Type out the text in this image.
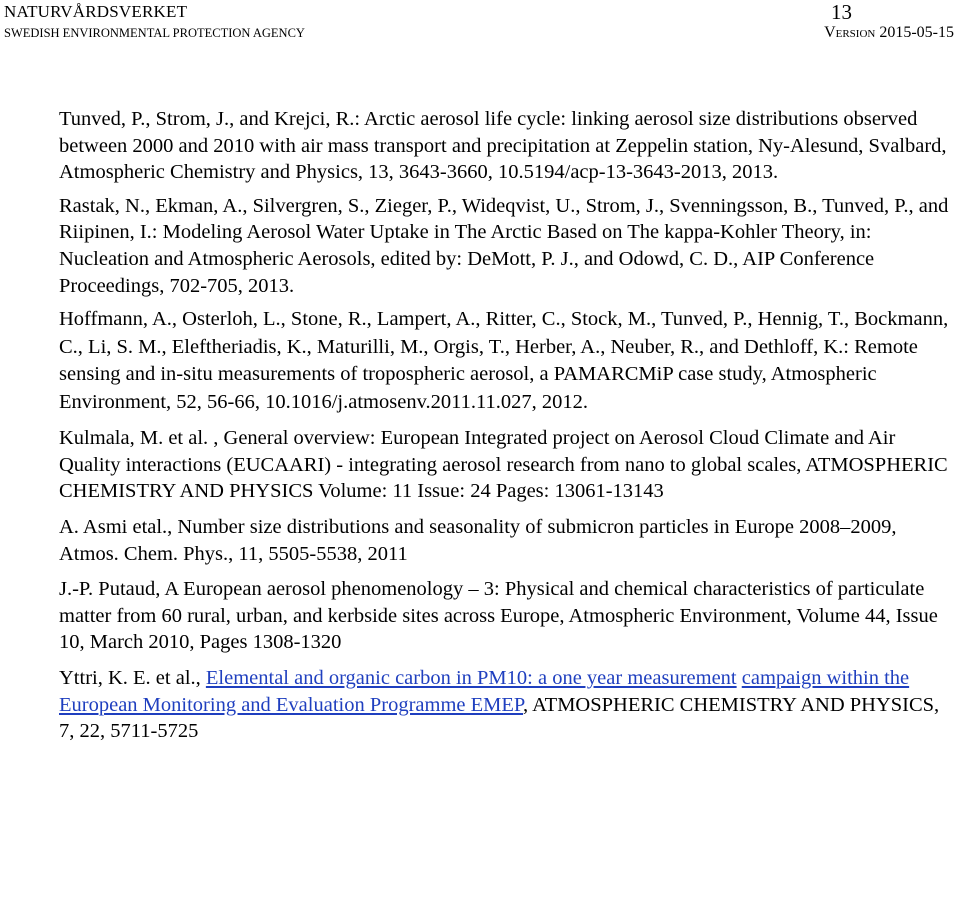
NATURVÅRDSVERKET
SWEDISH ENVIRONMENTAL PROTECTION AGENCY
13
Version 2015-05-15

Tunved, P., Strom, J., and Krejci, R.: Arctic aerosol life cycle: linking aerosol size distributions observed between 2000 and 2010 with air mass transport and precipitation at Zeppelin station, Ny-Alesund, Svalbard, Atmospheric Chemistry and Physics, 13, 3643-3660, 10.5194/acp-13-3643-2013, 2013.

Rastak, N., Ekman, A., Silvergren, S., Zieger, P., Wideqvist, U., Strom, J., Svenningsson, B., Tunved, P., and Riipinen, I.: Modeling Aerosol Water Uptake in The Arctic Based on The kappa-Kohler Theory, in: Nucleation and Atmospheric Aerosols, edited by: DeMott, P. J., and Odowd, C. D., AIP Conference Proceedings, 702-705, 2013.

Hoffmann, A., Osterloh, L., Stone, R., Lampert, A., Ritter, C., Stock, M., Tunved, P., Hennig, T., Bockmann, C., Li, S. M., Eleftheriadis, K., Maturilli, M., Orgis, T., Herber, A., Neuber, R., and Dethloff, K.: Remote sensing and in-situ measurements of tropospheric aerosol, a PAMARCMiP case study, Atmospheric Environment, 52, 56-66, 10.1016/j.atmosenv.2011.11.027, 2012.

Kulmala, M. et al. , General overview: European Integrated project on Aerosol Cloud Climate and Air Quality interactions (EUCAARI) - integrating aerosol research from nano to global scales, ATMOSPHERIC CHEMISTRY AND PHYSICS Volume: 11 Issue: 24 Pages: 13061-13143

A. Asmi etal., Number size distributions and seasonality of submicron particles in Europe 2008–2009, Atmos. Chem. Phys., 11, 5505-5538, 2011

J.-P. Putaud, A European aerosol phenomenology – 3: Physical and chemical characteristics of particulate matter from 60 rural, urban, and kerbside sites across Europe, Atmospheric Environment, Volume 44, Issue 10, March 2010, Pages 1308-1320

Yttri, K. E. et al., Elemental and organic carbon in PM10: a one year measurement campaign within the European Monitoring and Evaluation Programme EMEP, ATMOSPHERIC CHEMISTRY AND PHYSICS, 7, 22, 5711-5725
